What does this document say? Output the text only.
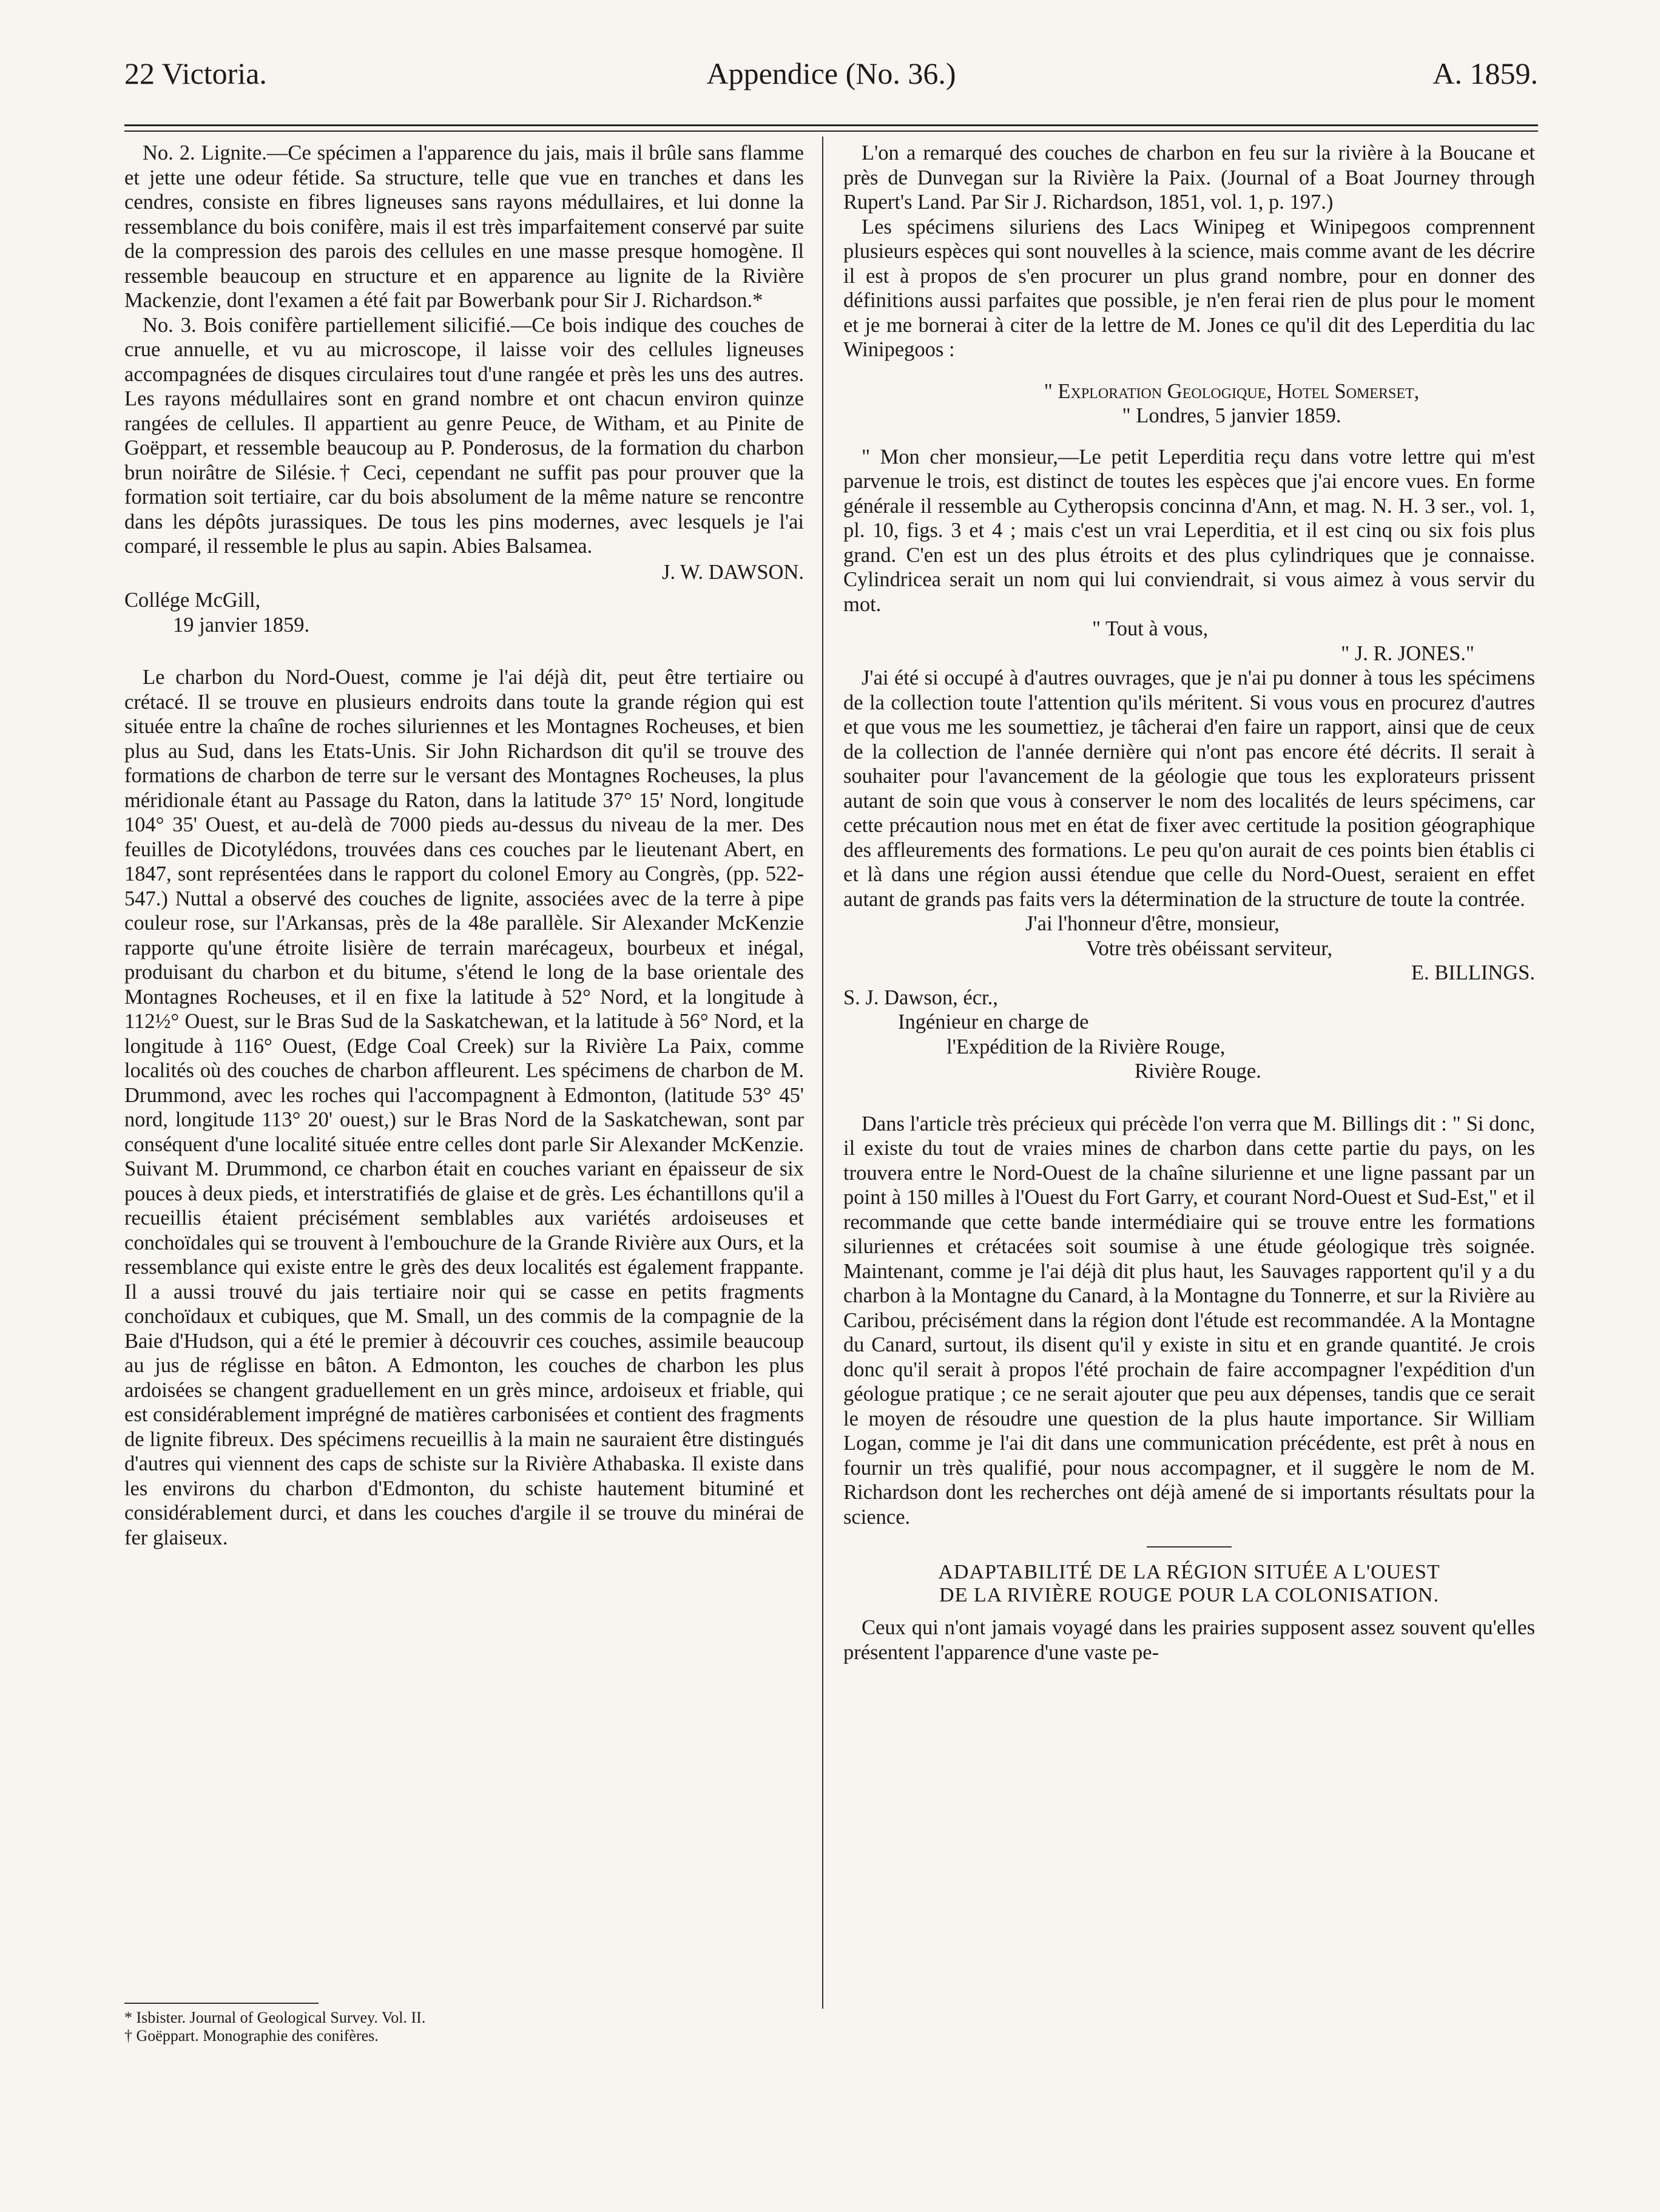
22 Victoria.	Appendice (No. 36.)	A. 1859.

No. 2. Lignite.—Ce spécimen a l'apparence du jais, mais il brûle sans flamme et jette une odeur fétide. Sa structure, telle que vue en tranches et dans les cendres, consiste en fibres ligneuses sans rayons médullaires, et lui donne la ressemblance du bois conifère, mais il est très imparfaitement conservé par suite de la compression des parois des cellules en une masse presque homogène. Il ressemble beaucoup en structure et en apparence au lignite de la Rivière Mackenzie, dont l'examen a été fait par Bowerbank pour Sir J. Richardson.*

No. 3. Bois conifère partiellement silicifié.—Ce bois indique des couches de crue annuelle, et vu au microscope, il laisse voir des cellules ligneuses accompagnées de disques circulaires tout d'une rangée et près les uns des autres. Les rayons médullaires sont en grand nombre et ont chacun environ quinze rangées de cellules. Il appartient au genre Peuce, de Witham, et au Pinite de Goëppart, et ressemble beaucoup au P. Ponderosus, de la formation du charbon brun noirâtre de Silésie.† Ceci, cependant ne suffit pas pour prouver que la formation soit tertiaire, car du bois absolument de la même nature se rencontre dans les dépôts jurassiques. De tous les pins modernes, avec lesquels je l'ai comparé, il ressemble le plus au sapin. Abies Balsamea.

J. W. DAWSON.

Collége McGill,

19 janvier 1859.

Le charbon du Nord-Ouest, comme je l'ai déjà dit, peut être tertiaire ou crétacé. Il se trouve en plusieurs endroits dans toute la grande région qui est située entre la chaîne de roches siluriennes et les Montagnes Rocheuses, et bien plus au Sud, dans les Etats-Unis. Sir John Richardson dit qu'il se trouve des formations de charbon de terre sur le versant des Montagnes Rocheuses, la plus méridionale étant au Passage du Raton, dans la latitude 37° 15' Nord, longitude 104° 35' Ouest, et au-delà de 7000 pieds au-dessus du niveau de la mer. Des feuilles de Dicotylédons, trouvées dans ces couches par le lieutenant Abert, en 1847, sont représentées dans le rapport du colonel Emory au Congrès, (pp. 522-547.) Nuttal a observé des couches de lignite, associées avec de la terre à pipe couleur rose, sur l'Arkansas, près de la 48e parallèle. Sir Alexander McKenzie rapporte qu'une étroite lisière de terrain marécageux, bourbeux et inégal, produisant du charbon et du bitume, s'étend le long de la base orientale des Montagnes Rocheuses, et il en fixe la latitude à 52° Nord, et la longitude à 112½° Ouest, sur le Bras Sud de la Saskatchewan, et la latitude à 56° Nord, et la longitude à 116° Ouest, (Edge Coal Creek) sur la Rivière La Paix, comme localités où des couches de charbon affleurent. Les spécimens de charbon de M. Drummond, avec les roches qui l'accompagnent à Edmonton, (latitude 53° 45' nord, longitude 113° 20' ouest,) sur le Bras Nord de la Saskatchewan, sont par conséquent d'une localité située entre celles dont parle Sir Alexander McKenzie. Suivant M. Drummond, ce charbon était en couches variant en épaisseur de six pouces à deux pieds, et interstratifiés de glaise et de grès. Les échantillons qu'il a recueillis étaient précisément semblables aux variétés ardoiseuses et conchoïdales qui se trouvent à l'embouchure de la Grande Rivière aux Ours, et la ressemblance qui existe entre le grès des deux localités est également frappante. Il a aussi trouvé du jais tertiaire noir qui se casse en petits fragments conchoïdaux et cubiques, que M. Small, un des commis de la compagnie de la Baie d'Hudson, qui a été le premier à découvrir ces couches, assimile beaucoup au jus de réglisse en bâton. A Edmonton, les couches de charbon les plus ardoisées se changent graduellement en un grès mince, ardoiseux et friable, qui est considérablement imprégné de matières carbonisées et contient des fragments de lignite fibreux. Des spécimens recueillis à la main ne sauraient être distingués d'autres qui viennent des caps de schiste sur la Rivière Athabaska. Il existe dans les environs du charbon d'Edmonton, du schiste hautement bituminé et considérablement durci, et dans les couches d'argile il se trouve du minérai de fer glaiseux.

* Isbister. Journal of Geological Survey. Vol. II.

† Goëppart. Monographie des conifères.

L'on a remarqué des couches de charbon en feu sur la rivière à la Boucane et près de Dunvegan sur la Rivière la Paix. (Journal of a Boat Journey through Rupert's Land. Par Sir J. Richardson, 1851, vol. 1, p. 197.)

Les spécimens siluriens des Lacs Winipeg et Winipegoos comprennent plusieurs espèces qui sont nouvelles à la science, mais comme avant de les décrire il est à propos de s'en procurer un plus grand nombre, pour en donner des définitions aussi parfaites que possible, je n'en ferai rien de plus pour le moment et je me bornerai à citer de la lettre de M. Jones ce qu'il dit des Leperditia du lac Winipegoos :

" Exploration Geologique, Hotel Somerset,
" Londres, 5 janvier 1859.

" Mon cher monsieur,—Le petit Leperditia reçu dans votre lettre qui m'est parvenue le trois, est distinct de toutes les espèces que j'ai encore vues. En forme générale il ressemble au Cytheropsis concinna d'Ann, et mag. N. H. 3 ser., vol. 1, pl. 10, figs. 3 et 4 ; mais c'est un vrai Leperditia, et il est cinq ou six fois plus grand. C'en est un des plus étroits et des plus cylindriques que je connaisse. Cylindricea serait un nom qui lui conviendrait, si vous aimez à vous servir du mot.

" Tout à vous,

" J. R. JONES."

J'ai été si occupé à d'autres ouvrages, que je n'ai pu donner à tous les spécimens de la collection toute l'attention qu'ils méritent. Si vous vous en procurez d'autres et que vous me les soumettiez, je tâcherai d'en faire un rapport, ainsi que de ceux de la collection de l'année dernière qui n'ont pas encore été décrits. Il serait à souhaiter pour l'avancement de la géologie que tous les explorateurs prissent autant de soin que vous à conserver le nom des localités de leurs spécimens, car cette précaution nous met en état de fixer avec certitude la position géographique des affleurements des formations. Le peu qu'on aurait de ces points bien établis ci et là dans une région aussi étendue que celle du Nord-Ouest, seraient en effet autant de grands pas faits vers la détermination de la structure de toute la contrée.

J'ai l'honneur d'être, monsieur,

Votre très obéissant serviteur,

E. BILLINGS.

S. J. Dawson, écr.,

Ingénieur en charge de

l'Expédition de la Rivière Rouge,

Rivière Rouge.

Dans l'article très précieux qui précède l'on verra que M. Billings dit : " Si donc, il existe du tout de vraies mines de charbon dans cette partie du pays, on les trouvera entre le Nord-Ouest de la chaîne silurienne et une ligne passant par un point à 150 milles à l'Ouest du Fort Garry, et courant Nord-Ouest et Sud-Est," et il recommande que cette bande intermédiaire qui se trouve entre les formations siluriennes et crétacées soit soumise à une étude géologique très soignée. Maintenant, comme je l'ai déjà dit plus haut, les Sauvages rapportent qu'il y a du charbon à la Montagne du Canard, à la Montagne du Tonnerre, et sur la Rivière au Caribou, précisément dans la région dont l'étude est recommandée. A la Montagne du Canard, surtout, ils disent qu'il y existe in situ et en grande quantité. Je crois donc qu'il serait à propos l'été prochain de faire accompagner l'expédition d'un géologue pratique ; ce ne serait ajouter que peu aux dépenses, tandis que ce serait le moyen de résoudre une question de la plus haute importance. Sir William Logan, comme je l'ai dit dans une communication précédente, est prêt à nous en fournir un très qualifié, pour nous accompagner, et il suggère le nom de M. Richardson dont les recherches ont déjà amené de si importants résultats pour la science.

ADAPTABILITÉ DE LA RÉGION SITUÉE A L'OUEST
DE LA RIVIÈRE ROUGE POUR LA COLONISATION.

Ceux qui n'ont jamais voyagé dans les prairies supposent assez souvent qu'elles présentent l'apparence d'une vaste pe-
